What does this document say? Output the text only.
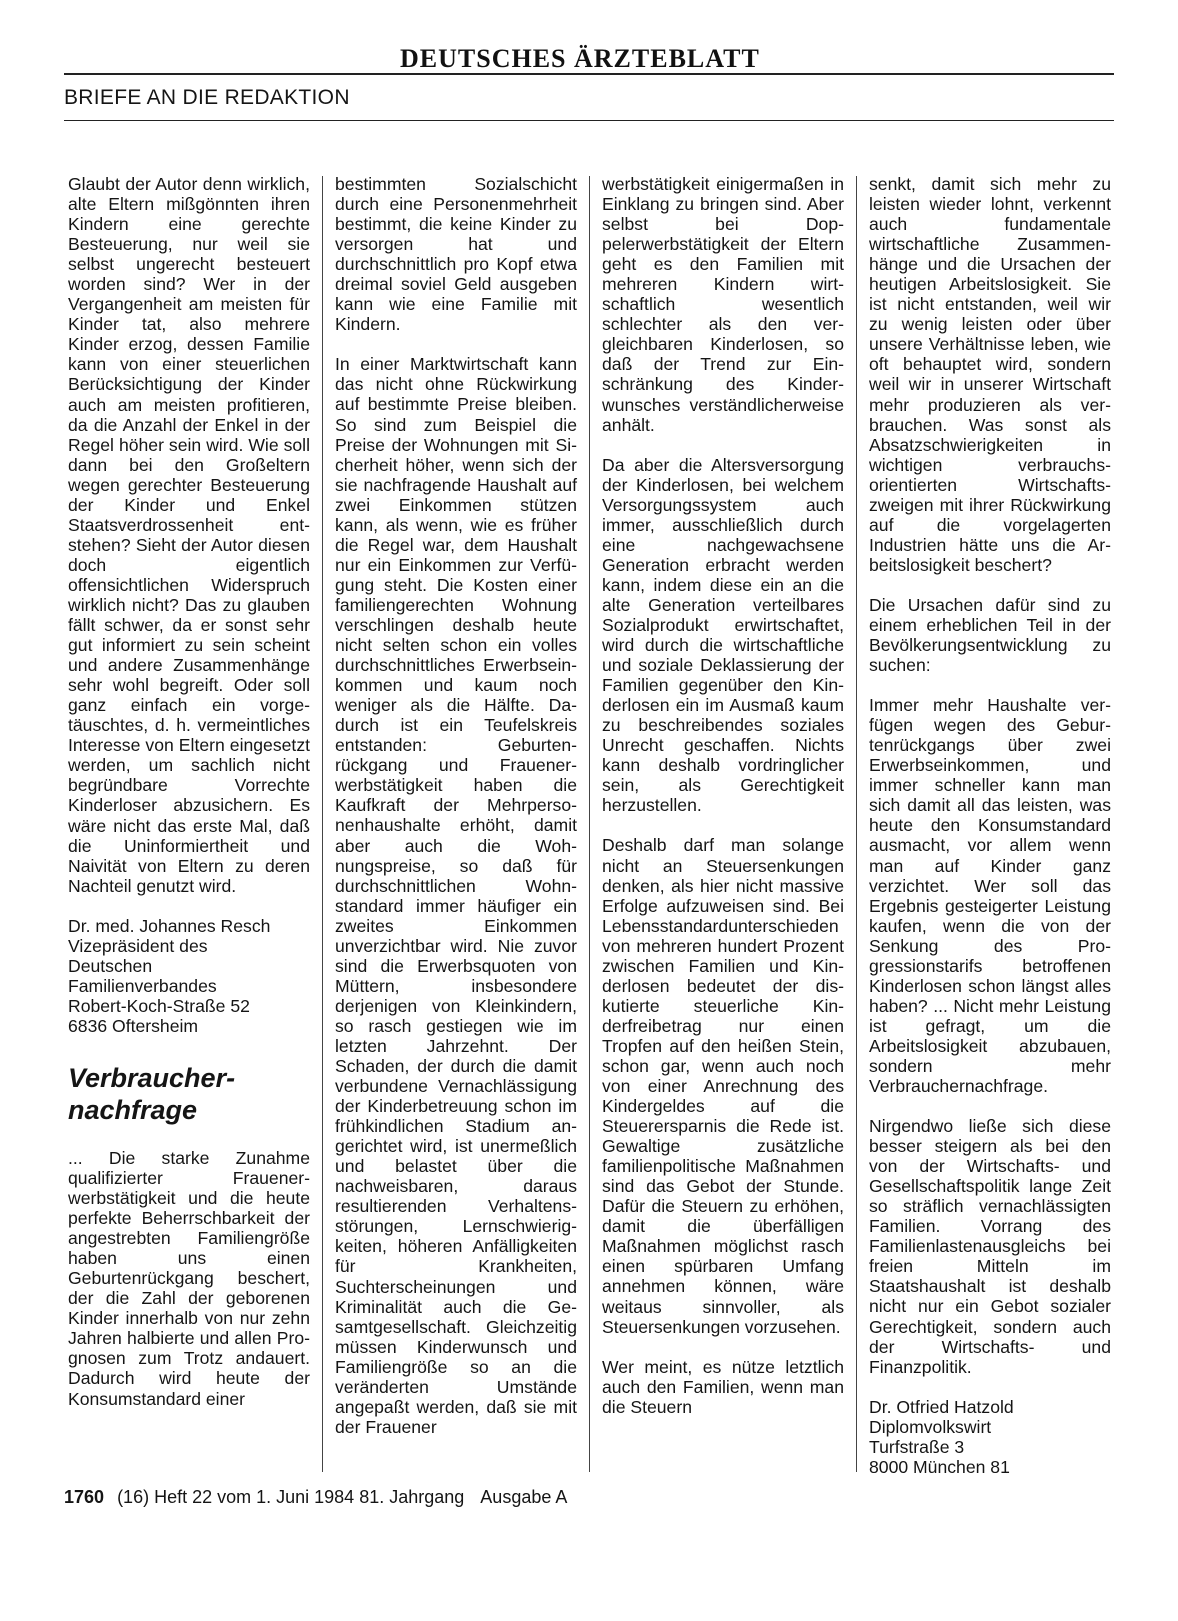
DEUTSCHES ÄRZTEBLATT
BRIEFE AN DIE REDAKTION

Glaubt der Autor denn wirklich, alte Eltern mißgönnten ihren Kindern eine gerechte Besteuerung, nur weil sie selbst ungerecht besteuert worden sind? Wer in der Vergangenheit am meisten für Kinder tat, also mehrere Kinder erzog, dessen Familie kann von einer steuerlichen Berücksichtigung der Kinder auch am meisten profitieren, da die Anzahl der Enkel in der Regel höher sein wird. Wie soll dann bei den Großeltern wegen gerechter Besteuerung der Kinder und Enkel Staatsverdrossenheit entstehen? Sieht der Autor diesen doch eigentlich offensichtlichen Widerspruch wirklich nicht? Das zu glauben fällt schwer, da er sonst sehr gut informiert zu sein scheint und andere Zusammenhänge sehr wohl begreift. Oder soll ganz einfach ein vorgetäuschtes, d. h. vermeintliches Interesse von Eltern eingesetzt werden, um sachlich nicht begründbare Vorrechte Kinderloser abzusichern. Es wäre nicht das erste Mal, daß die Uninformiertheit und Naivität von Eltern zu deren Nachteil genutzt wird.

Dr. med. Johannes Resch
Vizepräsident des
Deutschen
Familienverbandes
Robert-Koch-Straße 52
6836 Oftersheim
Verbraucher-
nachfrage

... Die starke Zunahme qualifizierter Frauenerwerbstätigkeit und die heute perfekte Beherrschbarkeit der angestrebten Familiengröße haben uns einen Geburtenrückgang beschert, der die Zahl der geborenen Kinder innerhalb von nur zehn Jahren halbierte und allen Prognosen zum Trotz andauert. Dadurch wird heute der Konsumstandard einer

bestimmten Sozialschicht durch eine Personenmehrheit bestimmt, die keine Kinder zu versorgen hat und durchschnittlich pro Kopf etwa dreimal soviel Geld ausgeben kann wie eine Familie mit Kindern.

In einer Marktwirtschaft kann das nicht ohne Rückwirkung auf bestimmte Preise bleiben. So sind zum Beispiel die Preise der Wohnungen mit Sicherheit höher, wenn sich der sie nachfragende Haushalt auf zwei Einkommen stützen kann, als wenn, wie es früher die Regel war, dem Haushalt nur ein Einkommen zur Verfügung steht. Die Kosten einer familiengerechten Wohnung verschlingen deshalb heute nicht selten schon ein volles durchschnittliches Erwerbseinkommen und kaum noch weniger als die Hälfte. Dadurch ist ein Teufelskreis entstanden: Geburtenrückgang und Frauenerwerbstätigkeit haben die Kaufkraft der Mehrpersonenhaushalte erhöht, damit aber auch die Wohnungspreise, so daß für durchschnittlichen Wohnstandard immer häufiger ein zweites Einkommen unverzichtbar wird. Nie zuvor sind die Erwerbsquoten von Müttern, insbesondere derjenigen von Kleinkindern, so rasch gestiegen wie im letzten Jahrzehnt. Der Schaden, der durch die damit verbundene Vernachlässigung der Kinderbetreuung schon im frühkindlichen Stadium angerichtet wird, ist unermeßlich und belastet über die nachweisbaren, daraus resultierenden Verhaltensstörungen, Lernschwierigkeiten, höheren Anfälligkeiten für Krankheiten, Suchterscheinungen und Kriminalität auch die Gesamtgesellschaft. Gleichzeitig müssen Kinderwunsch und Familiengröße so an die veränderten Umstände angepaßt werden, daß sie mit der Frauener

werbstätigkeit einigermaßen in Einklang zu bringen sind. Aber selbst bei Doppelerwerbstätigkeit der Eltern geht es den Familien mit mehreren Kindern wirtschaftlich wesentlich schlechter als den vergleichbaren Kinderlosen, so daß der Trend zur Einschränkung des Kinderwunsches verständlicherweise anhält.

Da aber die Altersversorgung der Kinderlosen, bei welchem Versorgungssystem auch immer, ausschließlich durch eine nachgewachsene Generation erbracht werden kann, indem diese ein an die alte Generation verteilbares Sozialprodukt erwirtschaftet, wird durch die wirtschaftliche und soziale Deklassierung der Familien gegenüber den Kinderlosen ein im Ausmaß kaum zu beschreibendes soziales Unrecht geschaffen. Nichts kann deshalb vordringlicher sein, als Gerechtigkeit herzustellen.

Deshalb darf man solange nicht an Steuersenkungen denken, als hier nicht massive Erfolge aufzuweisen sind. Bei Lebensstandardunterschieden von mehreren hundert Prozent zwischen Familien und Kinderlosen bedeutet der diskutierte steuerliche Kinderfreibetrag nur einen Tropfen auf den heißen Stein, schon gar, wenn auch noch von einer Anrechnung des Kindergeldes auf die Steuerersparnis die Rede ist. Gewaltige zusätzliche familienpolitische Maßnahmen sind das Gebot der Stunde. Dafür die Steuern zu erhöhen, damit die überfälligen Maßnahmen möglichst rasch einen spürbaren Umfang annehmen können, wäre weitaus sinnvoller, als Steuersenkungen vorzusehen.

Wer meint, es nütze letztlich auch den Familien, wenn man die Steuern

senkt, damit sich mehr zu leisten wieder lohnt, verkennt auch fundamentale wirtschaftliche Zusammenhänge und die Ursachen der heutigen Arbeitslosigkeit. Sie ist nicht entstanden, weil wir zu wenig leisten oder über unsere Verhältnisse leben, wie oft behauptet wird, sondern weil wir in unserer Wirtschaft mehr produzieren als verbrauchen. Was sonst als Absatzschwierigkeiten in wichtigen verbrauchsorientierten Wirtschaftszweigen mit ihrer Rückwirkung auf die vorgelagerten Industrien hätte uns die Arbeitslosigkeit beschert?

Die Ursachen dafür sind zu einem erheblichen Teil in der Bevölkerungsentwicklung zu suchen:

Immer mehr Haushalte verfügen wegen des Geburtenrückgangs über zwei Erwerbseinkommen, und immer schneller kann man sich damit all das leisten, was heute den Konsumstandard ausmacht, vor allem wenn man auf Kinder ganz verzichtet. Wer soll das Ergebnis gesteigerter Leistung kaufen, wenn die von der Senkung des Progressionstarifs betroffenen Kinderlosen schon längst alles haben? ... Nicht mehr Leistung ist gefragt, um die Arbeitslosigkeit abzubauen, sondern mehr Verbrauchernachfrage.

Nirgendwo ließe sich diese besser steigern als bei den von der Wirtschafts- und Gesellschaftspolitik lange Zeit so sträflich vernachlässigten Familien. Vorrang des Familienlastenausgleichs bei freien Mitteln im Staatshaushalt ist deshalb nicht nur ein Gebot sozialer Gerechtigkeit, sondern auch der Wirtschafts- und Finanzpolitik.

Dr. Otfried Hatzold
Diplomvolkswirt
Turfstraße 3
8000 München 81
1760 (16) Heft 22 vom 1. Juni 1984 81. Jahrgang Ausgabe A
